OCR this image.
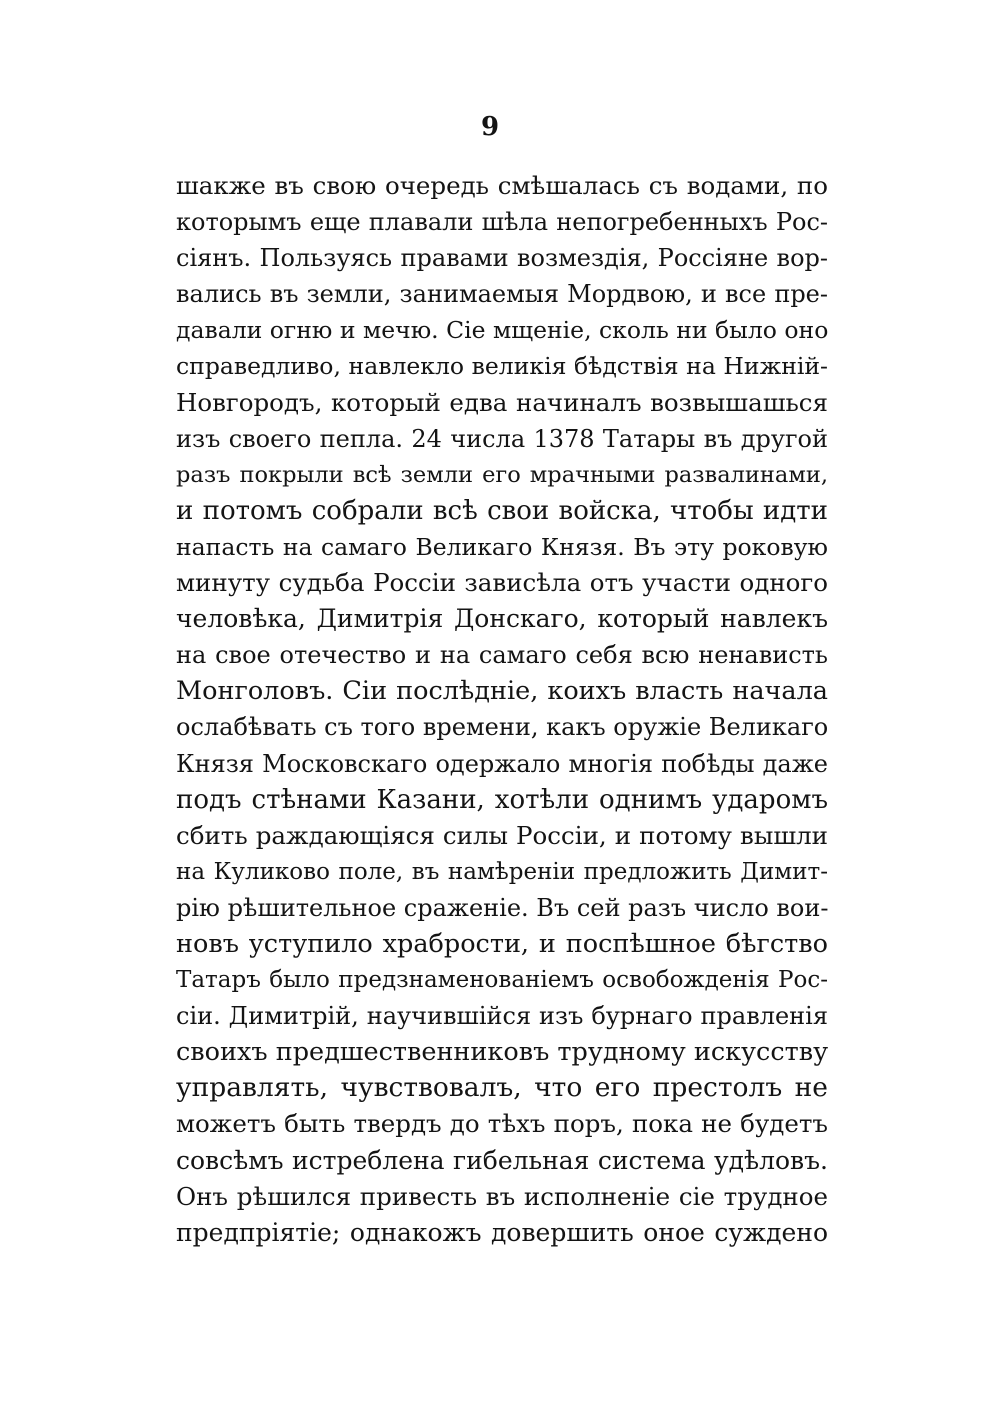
9
шакже въ свою очередь смѣшалась съ водами, по
которымъ еще плавали шѣла непогребенныхъ Рос-
сіянъ. Пользуясь правами возмездія, Россіяне вор-
вались въ земли, занимаемыя Мордвою, и все пре-
давали огню и мечю. Сіе мщеніе, сколь ни было оно
справедливо, навлекло великія бѣдствія на Нижній-
Новгородъ, который едва начиналъ возвышашься
изъ своего пепла. 24 числа 1378 Татары въ другой
разъ покрыли всѣ земли его мрачными развалинами,
и потомъ собрали всѣ свои войска, чтобы идти
напасть на самаго Великаго Князя. Въ эту роковую
минуту судьба Россіи зависѣла отъ участи одного
человѣка, Димитрія Донскаго, который навлекъ
на свое отечество и на самаго себя всю ненависть
Монголовъ. Сіи послѣдніе, коихъ власть начала
ослабѣвать съ того времени, какъ оружіе Великаго
Князя Московскаго одержало многія побѣды даже
подъ стѣнами Казани, хотѣли однимъ ударомъ
сбить раждающіяся силы Россіи, и потому вышли
на Куликово поле, въ намѣреніи предложить Димит-
рію рѣшительное сраженіе. Въ сей разъ число вои-
новъ уступило храбрости, и поспѣшное бѣгство
Татаръ было предзнаменованіемъ освобожденія Рос-
сіи. Димитрій, научившійся изъ бурнаго правленія
своихъ предшественниковъ трудному искусству
управлять, чувствовалъ, что его престолъ не
можетъ быть твердъ до тѣхъ поръ, пока не будетъ
совсѣмъ истреблена гибельная система удѣловъ.
Онъ рѣшился привесть въ исполненіе сіе трудное
предпріятіе; однакожъ довершить оное суждено
